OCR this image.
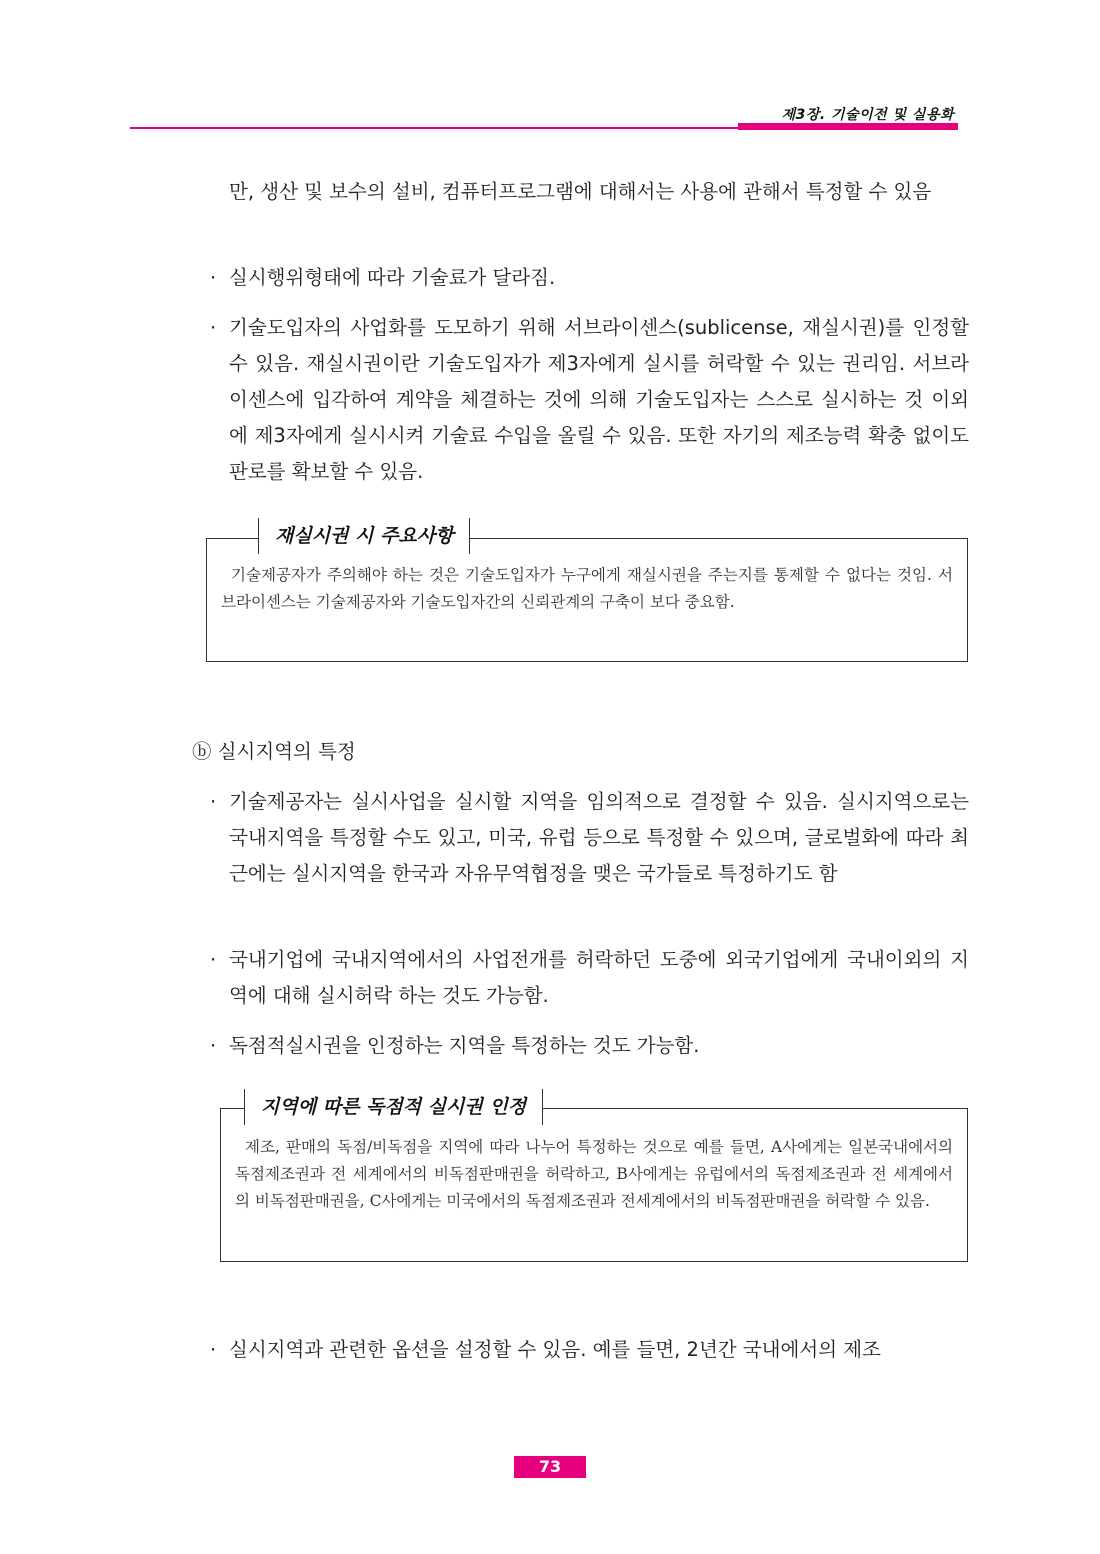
제3장. 기술이전 및 실용화
만, 생산 및 보수의 설비, 컴퓨터프로그램에 대해서는 사용에 관해서 특정할 수 있음
· 실시행위형태에 따라 기술료가 달라짐.
· 기술도입자의 사업화를 도모하기 위해 서브라이센스(sublicense, 재실시권)를 인정할 수 있음. 재실시권이란 기술도입자가 제3자에게 실시를 허락할 수 있는 권리임. 서브라이센스에 입각하여 계약을 체결하는 것에 의해 기술도입자는 스스로 실시하는 것 이외에 제3자에게 실시시켜 기술료 수입을 올릴 수 있음. 또한 자기의 제조능력 확충 없이도 판로를 확보할 수 있음.
기술제공자가 주의해야 하는 것은 기술도입자가 누구에게 재실시권을 주는지를 통제할 수 없다는 것임. 서브라이센스는 기술제공자와 기술도입자간의 신뢰관계의 구축이 보다 중요함.
재실시권 시 주요사항
ⓑ 실시지역의 특정
· 기술제공자는 실시사업을 실시할 지역을 임의적으로 결정할 수 있음. 실시지역으로는 국내지역을 특정할 수도 있고, 미국, 유럽 등으로 특정할 수 있으며, 글로벌화에 따라 최근에는 실시지역을 한국과 자유무역협정을 맺은 국가들로 특정하기도 함
· 국내기업에 국내지역에서의 사업전개를 허락하던 도중에 외국기업에게 국내이외의 지역에 대해 실시허락 하는 것도 가능함.
· 독점적실시권을 인정하는 지역을 특정하는 것도 가능함.
제조, 판매의 독점/비독점을 지역에 따라 나누어 특정하는 것으로 예를 들면, A사에게는 일본국내에서의 독점제조권과 전 세계에서의 비독점판매권을 허락하고, B사에게는 유럽에서의 독점제조권과 전 세계에서의 비독점판매권을, C사에게는 미국에서의 독점제조권과 전세계에서의 비독점판매권을 허락할 수 있음.
지역에 따른 독점적 실시권 인정
· 실시지역과 관련한 옵션을 설정할 수 있음. 예를 들면, 2년간 국내에서의 제조
73
